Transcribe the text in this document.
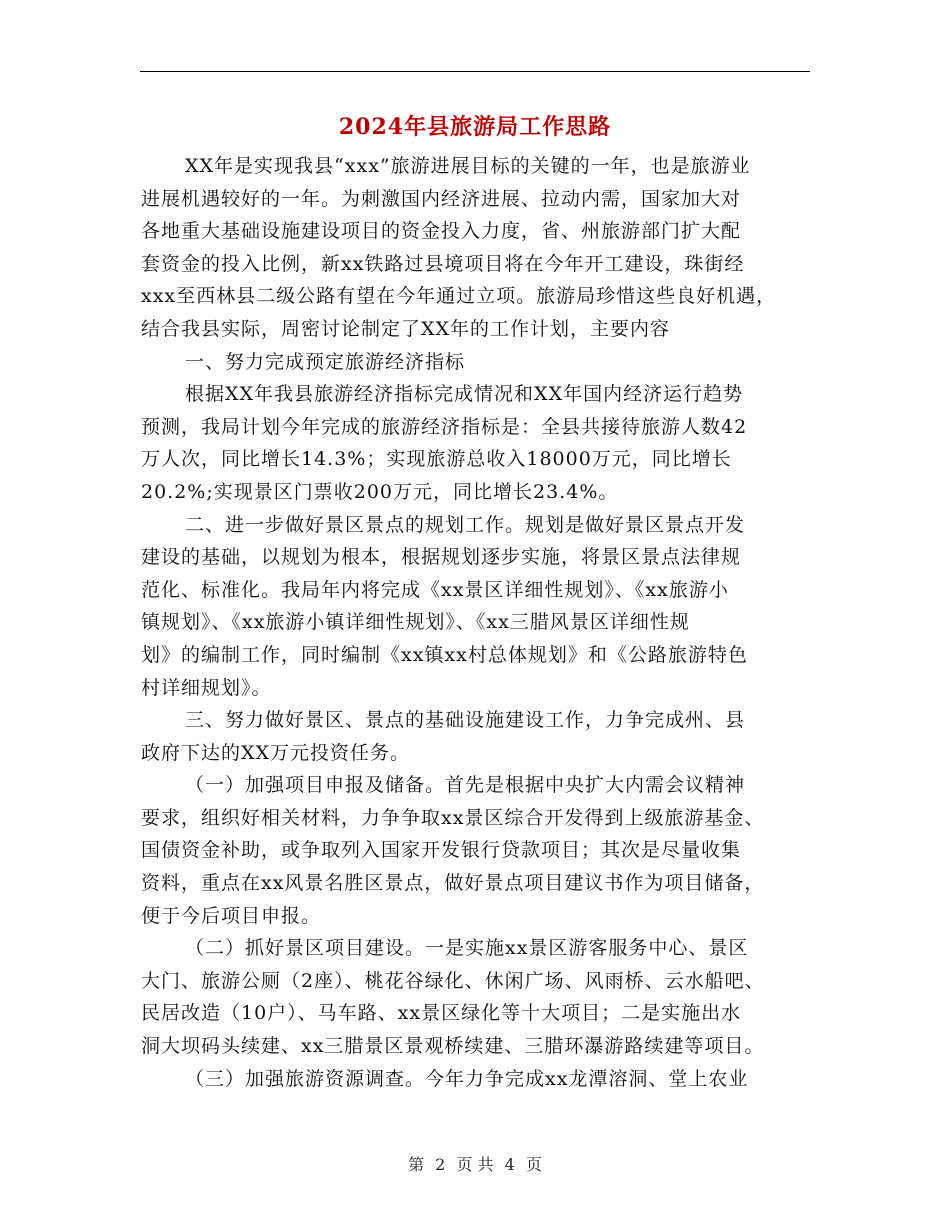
2024年县旅游局工作思路
XX年是实现我县“xxx”旅游进展目标的关键的一年，也是旅游业
进展机遇较好的一年。为刺激国内经济进展、拉动内需，国家加大对
各地重大基础设施建设项目的资金投入力度，省、州旅游部门扩大配
套资金的投入比例，新xx铁路过县境项目将在今年开工建设，珠街经
xxx至西林县二级公路有望在今年通过立项。旅游局珍惜这些良好机遇，
结合我县实际，周密讨论制定了XX年的工作计划，主要内容
一、努力完成预定旅游经济指标
根据XX年我县旅游经济指标完成情况和XX年国内经济运行趋势
预测，我局计划今年完成的旅游经济指标是：全县共接待旅游人数42
万人次，同比增长14.3%；实现旅游总收入18000万元，同比增长
20.2%;实现景区门票收200万元，同比增长23.4%。
二、进一步做好景区景点的规划工作。规划是做好景区景点开发
建设的基础，以规划为根本，根据规划逐步实施，将景区景点法律规
范化、标准化。我局年内将完成《xx景区详细性规划》、《xx旅游小
镇规划》、《xx旅游小镇详细性规划》、《xx三腊风景区详细性规
划》的编制工作，同时编制《xx镇xx村总体规划》和《公路旅游特色
村详细规划》。
三、努力做好景区、景点的基础设施建设工作，力争完成州、县
政府下达的XX万元投资任务。
（一）加强项目申报及储备。首先是根据中央扩大内需会议精神
要求，组织好相关材料，力争争取xx景区综合开发得到上级旅游基金、
国债资金补助，或争取列入国家开发银行贷款项目；其次是尽量收集
资料，重点在xx风景名胜区景点，做好景点项目建议书作为项目储备，
便于今后项目申报。
（二）抓好景区项目建设。一是实施xx景区游客服务中心、景区
大门、旅游公厕（2座）、桃花谷绿化、休闲广场、风雨桥、云水船吧、
民居改造（10户）、马车路、xx景区绿化等十大项目；二是实施出水
洞大坝码头续建、xx三腊景区景观桥续建、三腊环瀑游路续建等项目。
（三）加强旅游资源调查。今年力争完成xx龙潭溶洞、堂上农业
第 2 页 共 4 页
